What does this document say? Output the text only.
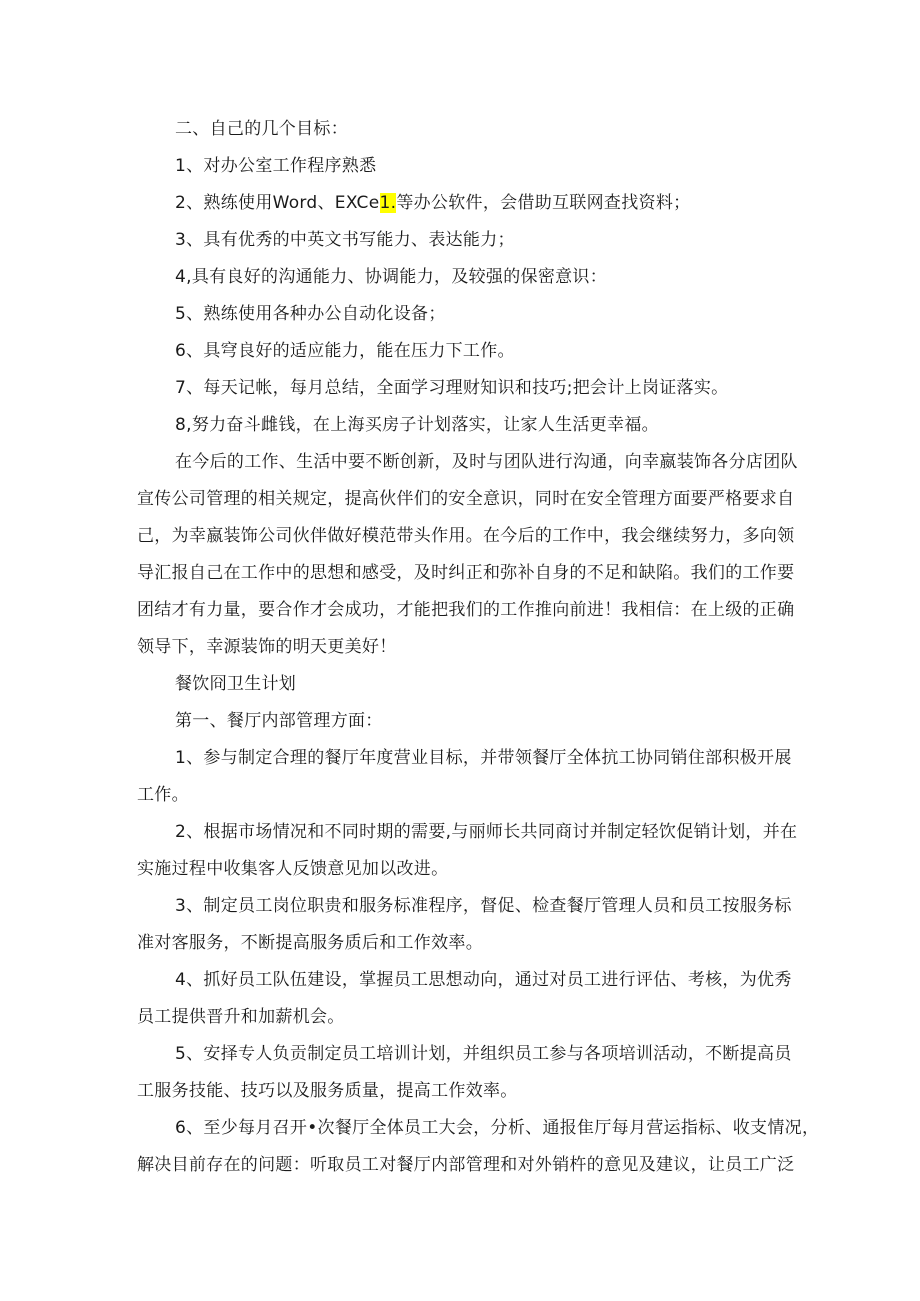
二、自己的几个目标：
1、对办公室工作程序熟悉
2、熟练使用Word、EXCe1.等办公软件，会借助互联网查找资料；
3、具有优秀的中英文书写能力、表达能力；
4,具有良好的沟通能力、协调能力，及较强的保密意识：
5、熟练使用各种办公自动化设备；
6、具穹良好的适应能力，能在压力下工作。
7、每天记帐，每月总结，全面学习理财知识和技巧;把会计上岗证落实。
8,努力奋斗雌钱，在上海买房子计划落实，让家人生活更幸福。
在今后的工作、生活中要不断创新，及时与团队进行沟通，向幸嬴装饰各分店团队
宣传公司管理的相关规定，提高伙伴们的安全意识，同时在安全管理方面要严格要求自
己，为幸嬴装饰公司伙伴做好模范带头作用。在今后的工作中，我会继续努力，多向领
导汇报自己在工作中的思想和感受，及时纠正和弥补自身的不足和缺陷。我们的工作要
团结才有力量，要合作才会成功，才能把我们的工作推向前进！我相信：在上级的正确
领导下，幸源装饰的明天更美好！
餐饮冏卫生计划
第一、餐厅内部管理方面：
1、参与制定合理的餐厅年度营业目标，并带领餐厅全体抗工协同销住部积极开展
工作。
2、根据市场情况和不同时期的需要,与丽师长共同商讨并制定轻饮促销计划，并在
实施过程中收集客人反馈意见加以改进。
3、制定员工岗位职贵和服务标准程序，督促、检查餐厅管理人员和员工按服务标
准对客服务，不断提高服务质后和工作效率。
4、抓好员工队伍建设，掌握员工思想动向，通过对员工进行评估、考核，为优秀
员工提供晋升和加薪机会。
5、安择专人负贡制定员工培训计划，并组织员工参与各项培训活动，不断提高员
工服务技能、技巧以及服务质量，提高工作效率。
6、至少每月召开•次餐厅全体员工大会，分析、通报隹厅每月营运指标、收支情况，
解决目前存在的问题：听取员工对餐厅内部管理和对外销杵的意见及建议，让员工广泛
